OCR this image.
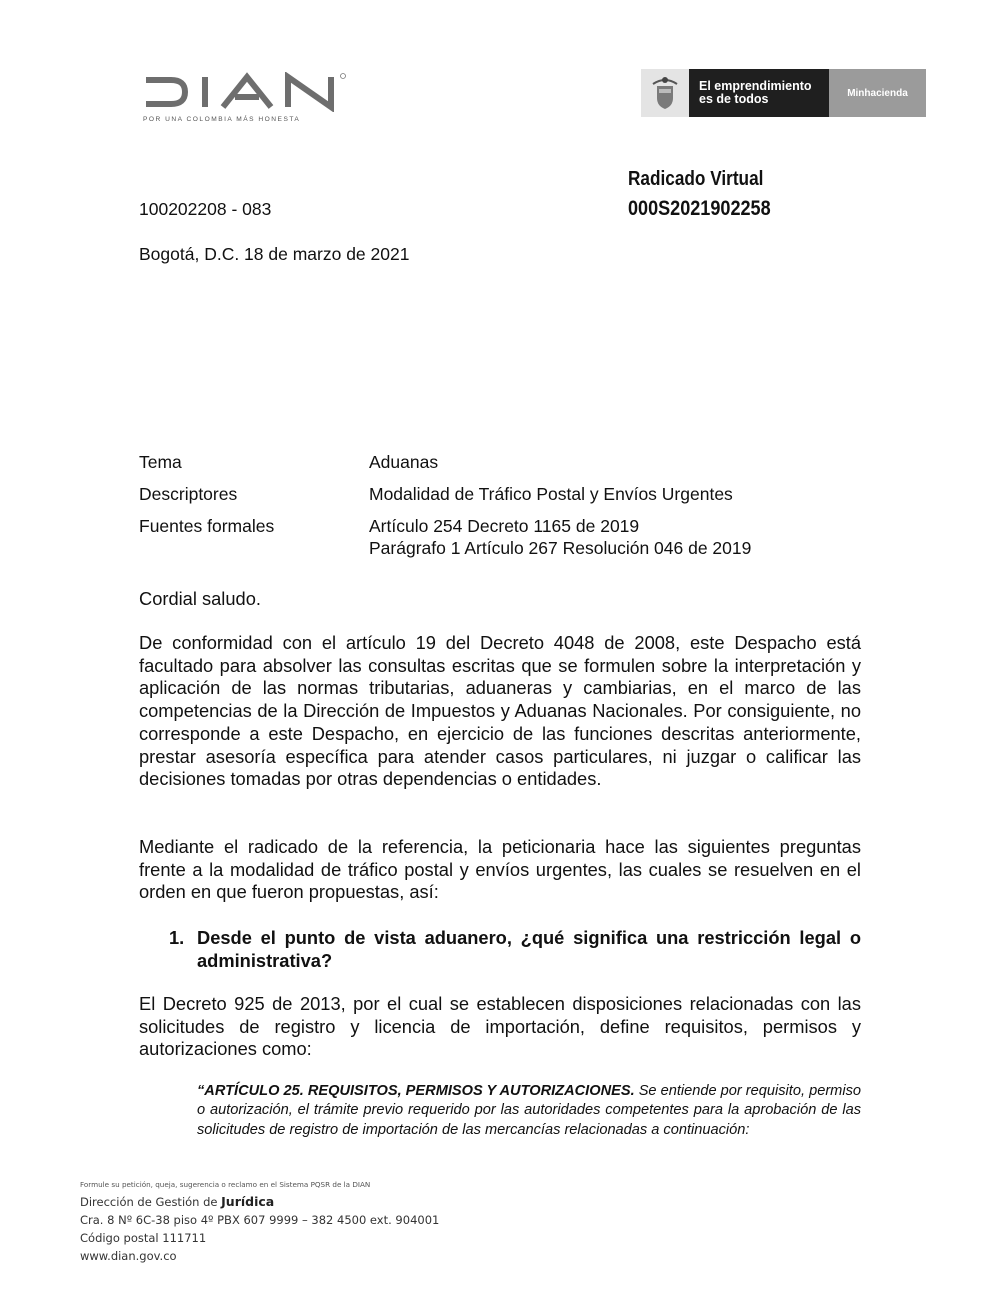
POR UNA COLOMBIA MÁS HONESTA
El emprendimiento
es de todos	Minhacienda
Radicado Virtual
000S2021902258
100202208 - 083
Bogotá, D.C. 18 de marzo de 2021
Tema	Aduanas
Descriptores	Modalidad de Tráfico Postal y Envíos Urgentes
Fuentes formales	Artículo 254 Decreto 1165 de 2019
Parágrafo 1 Artículo 267 Resolución 046 de 2019
Cordial saludo.
De conformidad con el artículo 19 del Decreto 4048 de 2008, este Despacho está facultado para absolver las consultas escritas que se formulen sobre la interpretación y aplicación de las normas tributarias, aduaneras y cambiarias, en el marco de las competencias de la Dirección de Impuestos y Aduanas Nacionales. Por consiguiente, no corresponde a este Despacho, en ejercicio de las funciones descritas anteriormente, prestar asesoría específica para atender casos particulares, ni juzgar o calificar las decisiones tomadas por otras dependencias o entidades.
Mediante el radicado de la referencia, la peticionaria hace las siguientes preguntas frente a la modalidad de tráfico postal y envíos urgentes, las cuales se resuelven en el orden en que fueron propuestas, así:
1. Desde el punto de vista aduanero, ¿qué significa una restricción legal o administrativa?
El Decreto 925 de 2013, por el cual se establecen disposiciones relacionadas con las solicitudes de registro y licencia de importación, define requisitos, permisos y autorizaciones como:
“ARTÍCULO 25. REQUISITOS, PERMISOS Y AUTORIZACIONES. Se entiende por requisito, permiso o autorización, el trámite previo requerido por las autoridades competentes para la aprobación de las solicitudes de registro de importación de las mercancías relacionadas a continuación:
Formule su petición, queja, sugerencia o reclamo en el Sistema PQSR de la DIAN
Dirección de Gestión de Jurídica
Cra. 8 Nº 6C-38 piso 4º PBX 607 9999 – 382 4500 ext. 904001
Código postal 111711
www.dian.gov.co
